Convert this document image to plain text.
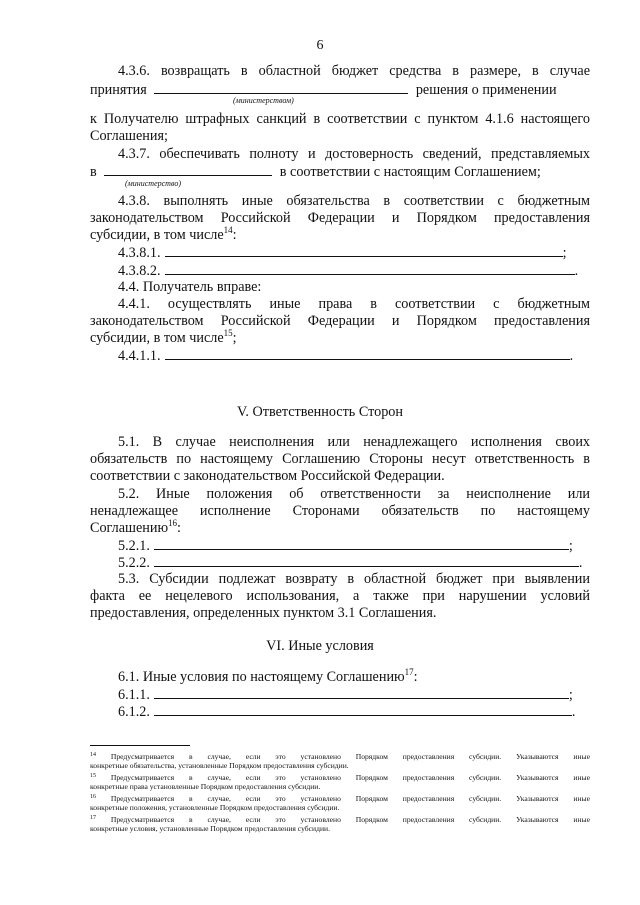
6
4.3.6. возвращать в областной бюджет средства в размере, в случае
принятия	решения о применении
(министерством)
к Получателю штрафных санкций в соответствии с пунктом 4.1.6 настоящего
Соглашения;
4.3.7. обеспечивать полноту и достоверность сведений, представляемых
в	в соответствии с настоящим Соглашением;
(министерство)
4.3.8. выполнять иные обязательства в соответствии с бюджетным
законодательством Российской Федерации и Порядком предоставления
субсидии, в том числе$^{14}$:
4.3.8.1.	;
4.3.8.2.	.
4.4. Получатель вправе:
4.4.1. осуществлять иные права в соответствии с бюджетным
законодательством Российской Федерации и Порядком предоставления
субсидии, в том числе$^{15}$;
4.4.1.1.	.
V. Ответственность Сторон
5.1. В случае неисполнения или ненадлежащего исполнения своих
обязательств по настоящему Соглашению Стороны несут ответственность в
соответствии с законодательством Российской Федерации.
5.2. Иные положения об ответственности за неисполнение или
ненадлежащее исполнение Сторонами обязательств по настоящему
Соглашению$^{16}$:
5.2.1.	;
5.2.2.	.
5.3. Субсидии подлежат возврату в областной бюджет при выявлении
факта ее нецелевого использования, а также при нарушении условий
предоставления, определенных пунктом 3.1 Соглашения.
VI. Иные условия
6.1. Иные условия по настоящему Соглашению$^{17}$:
6.1.1.	;
6.1.2.	.
$^{14}$ Предусматривается в случае, если это установлено Порядком предоставления субсидии. Указываются иные
конкретные обязательства, установленные Порядком предоставления субсидии.
$^{15}$ Предусматривается в случае, если это установлено Порядком предоставления субсидии. Указываются иные
конкретные права установленные Порядком предоставления субсидии.
$^{16}$ Предусматривается в случае, если это установлено Порядком предоставления субсидии. Указываются иные
конкретные положения, установленные Порядком предоставления субсидии.
$^{17}$ Предусматривается в случае, если это установлено Порядком предоставления субсидии. Указываются иные
конкретные условия, установленные Порядком предоставления субсидии.
